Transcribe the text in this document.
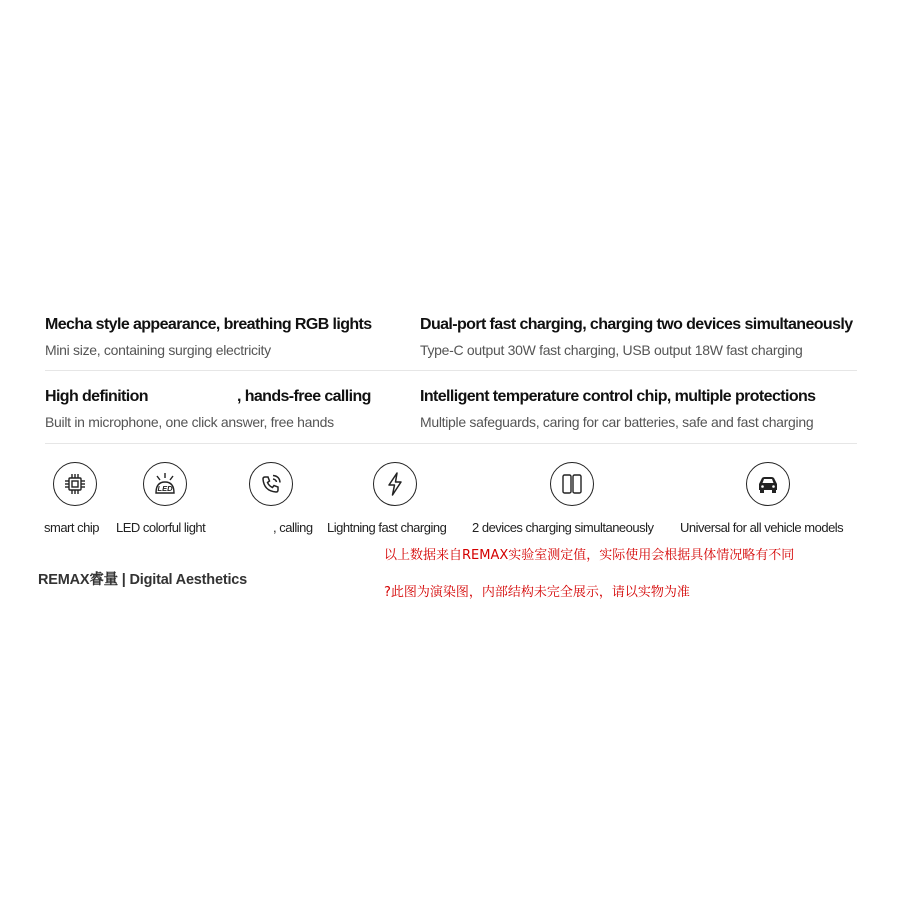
Mecha style appearance, breathing RGB lights
Mini size, containing surging electricity
Dual-port fast charging, charging two devices simultaneously
Type-C output 30W fast charging, USB output 18W fast charging
High definition	, hands-free calling
Built in microphone, one click answer, free hands
Intelligent temperature control chip, multiple protections
Multiple safeguards, caring for car batteries, safe and fast charging
LED
smart chip LED colorful light	, calling Lightning fast charging 2 devices charging simultaneously Universal for all vehicle models
以上数据来自REMAX实验室测定值，实际使用会根据具体情况略有不同
?此图为演染图，内部结构未完全展示，请以实物为准
REMAX睿量 | Digital Aesthetics
